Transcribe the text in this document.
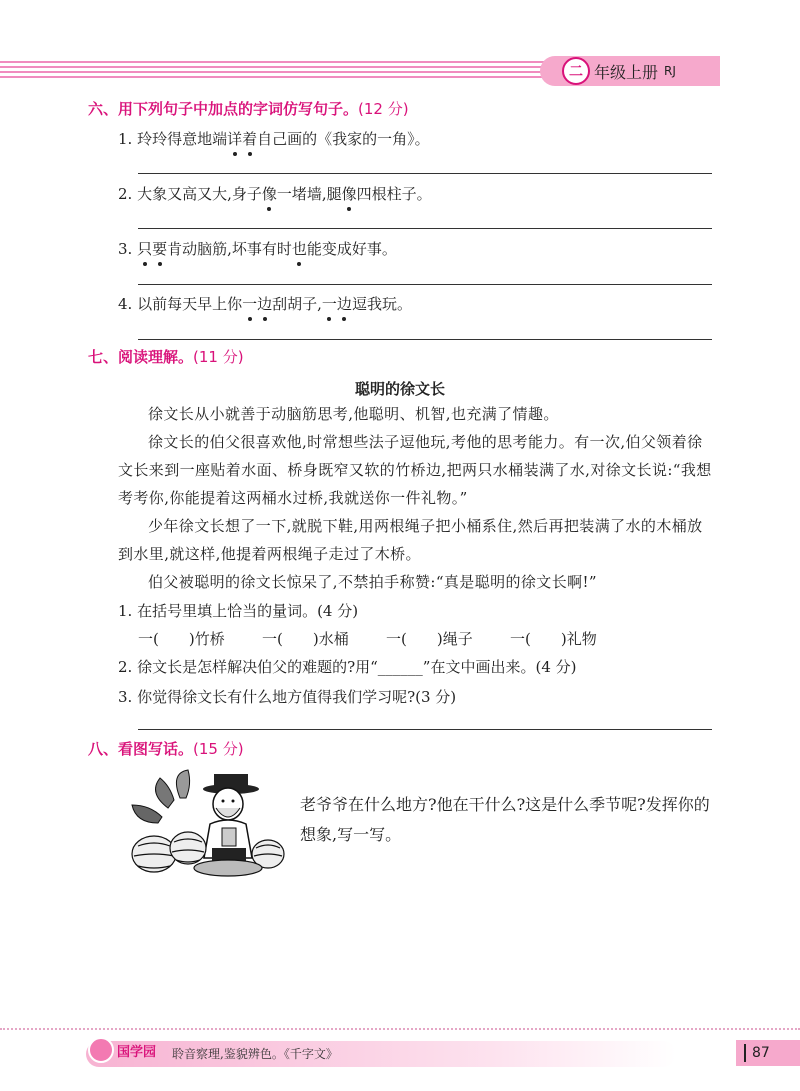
二 年级上册 RJ
六、用下列句子中加点的字词仿写句子。(12 分)
1. 玲玲得意地端详着自己画的《我家的一角》。
2. 大象又高又大,身子像一堵墙,腿像四根柱子。
3. 只要肯动脑筋,坏事有时也能变成好事。
4. 以前每天早上你一边刮胡子,一边逗我玩。
七、阅读理解。(11 分)
聪明的徐文长
徐文长从小就善于动脑筋思考,他聪明、机智,也充满了情趣。
徐文长的伯父很喜欢他,时常想些法子逗他玩,考他的思考能力。有一次,伯父领着徐文长来到一座贴着水面、桥身既窄又软的竹桥边,把两只水桶装满了水,对徐文长说:“我想考考你,你能提着这两桶水过桥,我就送你一件礼物。”
少年徐文长想了一下,就脱下鞋,用两根绳子把小桶系住,然后再把装满了水的木桶放到水里,就这样,他提着两根绳子走过了木桥。
伯父被聪明的徐文长惊呆了,不禁拍手称赞:“真是聪明的徐文长啊!”
1. 在括号里填上恰当的量词。(4 分)
一(　　)竹桥 一(　　)水桶 一(　　)绳子 一(　　)礼物
2. 徐文长是怎样解决伯父的难题的?用“______”在文中画出来。(4 分)
3. 你觉得徐文长有什么地方值得我们学习呢?(3 分)
八、看图写话。(15 分)
老爷爷在什么地方?他在干什么?这是什么季节呢?发挥你的想象,写一写。
国学园 聆音察理,鉴貌辨色。《千字文》	87
